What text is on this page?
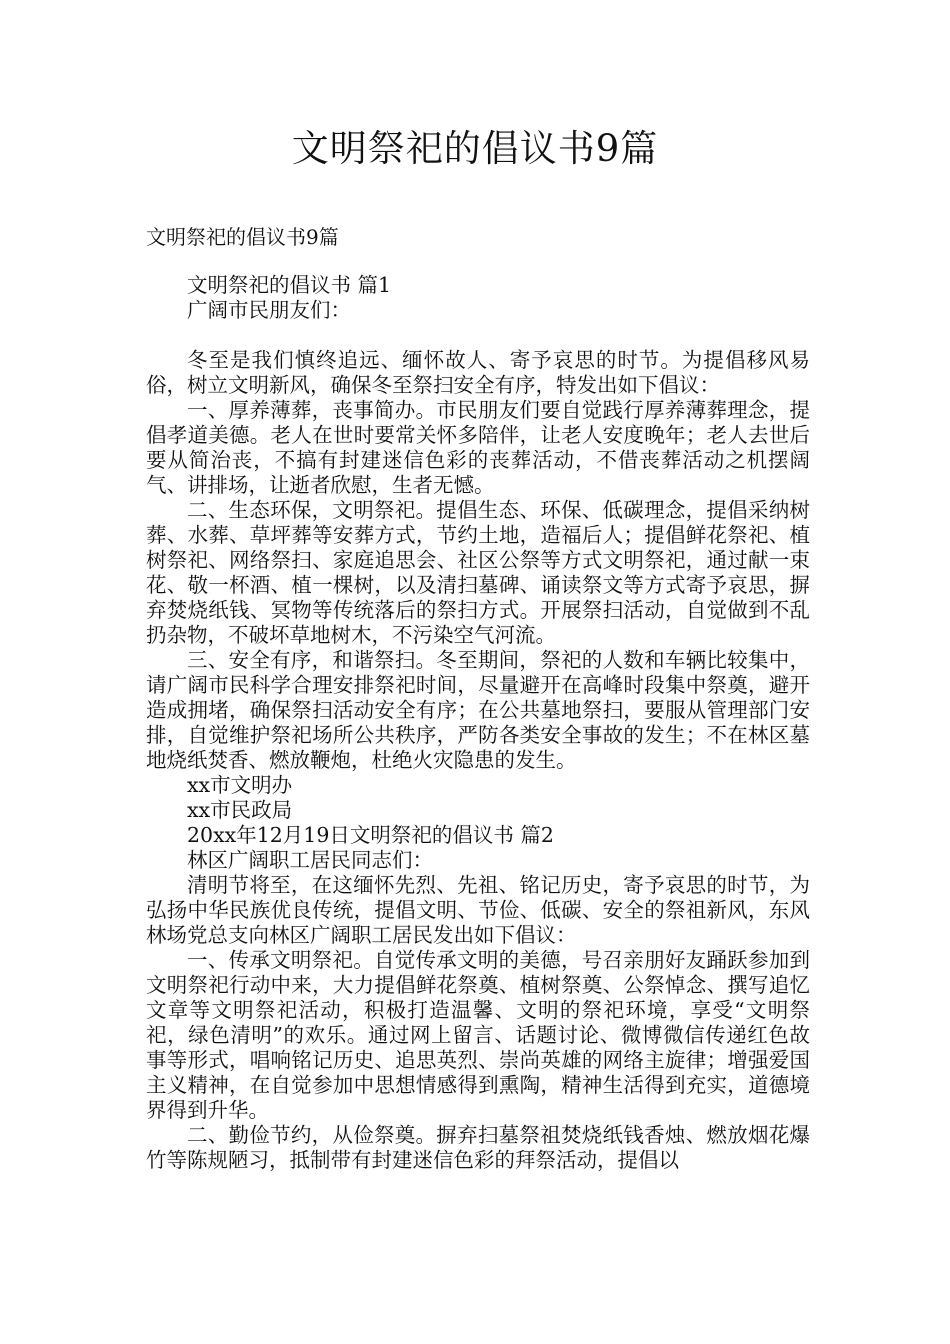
文明祭祀的倡议书9篇

文明祭祀的倡议书9篇

文明祭祀的倡议书 篇1

广阔市民朋友们：

冬至是我们慎终追远、缅怀故人、寄予哀思的时节。为提倡移风易俗，树立文明新风，确保冬至祭扫安全有序，特发出如下倡议：

一、厚养薄葬，丧事简办。市民朋友们要自觉践行厚养薄葬理念，提倡孝道美德。老人在世时要常关怀多陪伴，让老人安度晚年；老人去世后要从简治丧，不搞有封建迷信色彩的丧葬活动，不借丧葬活动之机摆阔气、讲排场，让逝者欣慰，生者无憾。

二、生态环保，文明祭祀。提倡生态、环保、低碳理念，提倡采纳树葬、水葬、草坪葬等安葬方式，节约土地，造福后人；提倡鲜花祭祀、植树祭祀、网络祭扫、家庭追思会、社区公祭等方式文明祭祀，通过献一束花、敬一杯酒、植一棵树，以及清扫墓碑、诵读祭文等方式寄予哀思，摒弃焚烧纸钱、冥物等传统落后的祭扫方式。开展祭扫活动，自觉做到不乱扔杂物，不破坏草地树木，不污染空气河流。

三、安全有序，和谐祭扫。冬至期间，祭祀的人数和车辆比较集中，请广阔市民科学合理安排祭祀时间，尽量避开在高峰时段集中祭奠，避开造成拥堵，确保祭扫活动安全有序；在公共墓地祭扫，要服从管理部门安排，自觉维护祭祀场所公共秩序，严防各类安全事故的发生；不在林区墓地烧纸焚香、燃放鞭炮，杜绝火灾隐患的发生。

xx市文明办

xx市民政局

20xx年12月19日文明祭祀的倡议书 篇2

林区广阔职工居民同志们：

清明节将至，在这缅怀先烈、先祖、铭记历史，寄予哀思的时节，为弘扬中华民族优良传统，提倡文明、节俭、低碳、安全的祭祖新风，东风林场党总支向林区广阔职工居民发出如下倡议：

一、传承文明祭祀。自觉传承文明的美德，号召亲朋好友踊跃参加到文明祭祀行动中来，大力提倡鲜花祭奠、植树祭奠、公祭悼念、撰写追忆文章等文明祭祀活动，积极打造温馨、文明的祭祀环境，享受“文明祭祀，绿色清明”的欢乐。通过网上留言、话题讨论、微博微信传递红色故事等形式，唱响铭记历史、追思英烈、崇尚英雄的网络主旋律；增强爱国主义精神，在自觉参加中思想情感得到熏陶，精神生活得到充实，道德境界得到升华。

二、勤俭节约，从俭祭奠。摒弃扫墓祭祖焚烧纸钱香烛、燃放烟花爆竹等陈规陋习，抵制带有封建迷信色彩的拜祭活动，提倡以
